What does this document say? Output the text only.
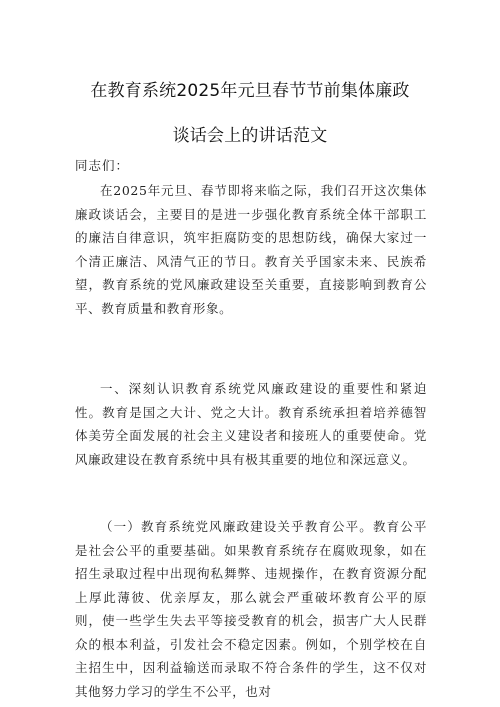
在教育系统2025年元旦春节节前集体廉政
谈话会上的讲话范文
同志们：

在2025年元旦、春节即将来临之际，我们召开这次集体廉政谈话会，主要目的是进一步强化教育系统全体干部职工的廉洁自律意识，筑牢拒腐防变的思想防线，确保大家过一个清正廉洁、风清气正的节日。教育关乎国家未来、民族希望，教育系统的党风廉政建设至关重要，直接影响到教育公平、教育质量和教育形象。

一、深刻认识教育系统党风廉政建设的重要性和紧迫性。教育是国之大计、党之大计。教育系统承担着培养德智体美劳全面发展的社会主义建设者和接班人的重要使命。党风廉政建设在教育系统中具有极其重要的地位和深远意义。

（一）教育系统党风廉政建设关乎教育公平。教育公平是社会公平的重要基础。如果教育系统存在腐败现象，如在招生录取过程中出现徇私舞弊、违规操作，在教育资源分配上厚此薄彼、优亲厚友，那么就会严重破坏教育公平的原则，使一些学生失去平等接受教育的机会，损害广大人民群众的根本利益，引发社会不稳定因素。例如，个别学校在自主招生中，因利益输送而录取不符合条件的学生，这不仅对其他努力学习的学生不公平，也对
